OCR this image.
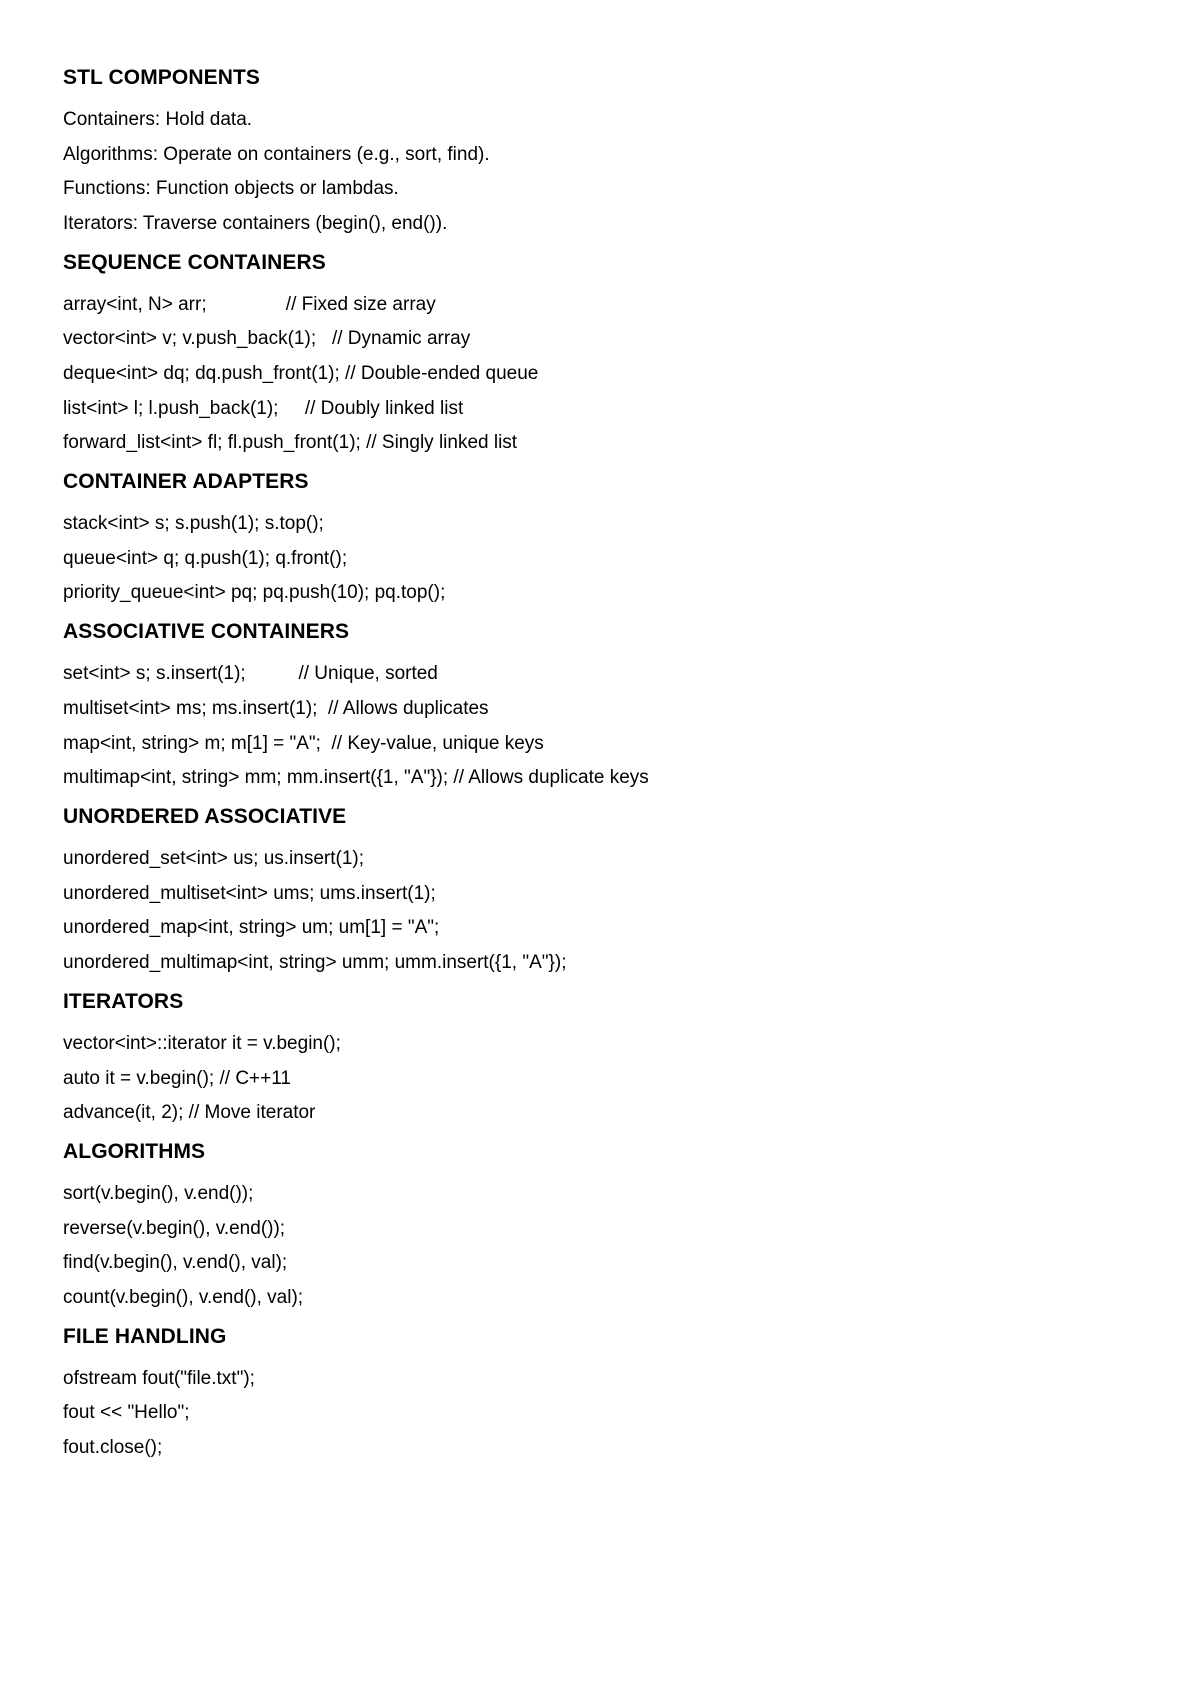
STL COMPONENTS
Containers: Hold data.
Algorithms: Operate on containers (e.g., sort, find).
Functions: Function objects or lambdas.
Iterators: Traverse containers (begin(), end()).
SEQUENCE CONTAINERS
array<int, N> arr;               // Fixed size array
vector<int> v; v.push_back(1);   // Dynamic array
deque<int> dq; dq.push_front(1); // Double-ended queue
list<int> l; l.push_back(1);     // Doubly linked list
forward_list<int> fl; fl.push_front(1); // Singly linked list
CONTAINER ADAPTERS
stack<int> s; s.push(1); s.top();
queue<int> q; q.push(1); q.front();
priority_queue<int> pq; pq.push(10); pq.top();
ASSOCIATIVE CONTAINERS
set<int> s; s.insert(1);          // Unique, sorted
multiset<int> ms; ms.insert(1);  // Allows duplicates
map<int, string> m; m[1] = "A";  // Key-value, unique keys
multimap<int, string> mm; mm.insert({1, "A"}); // Allows duplicate keys
UNORDERED ASSOCIATIVE
unordered_set<int> us; us.insert(1);
unordered_multiset<int> ums; ums.insert(1);
unordered_map<int, string> um; um[1] = "A";
unordered_multimap<int, string> umm; umm.insert({1, "A"});
ITERATORS
vector<int>::iterator it = v.begin();
auto it = v.begin(); // C++11
advance(it, 2); // Move iterator
ALGORITHMS
sort(v.begin(), v.end());
reverse(v.begin(), v.end());
find(v.begin(), v.end(), val);
count(v.begin(), v.end(), val);
FILE HANDLING
ofstream fout("file.txt");
fout << "Hello";
fout.close();
